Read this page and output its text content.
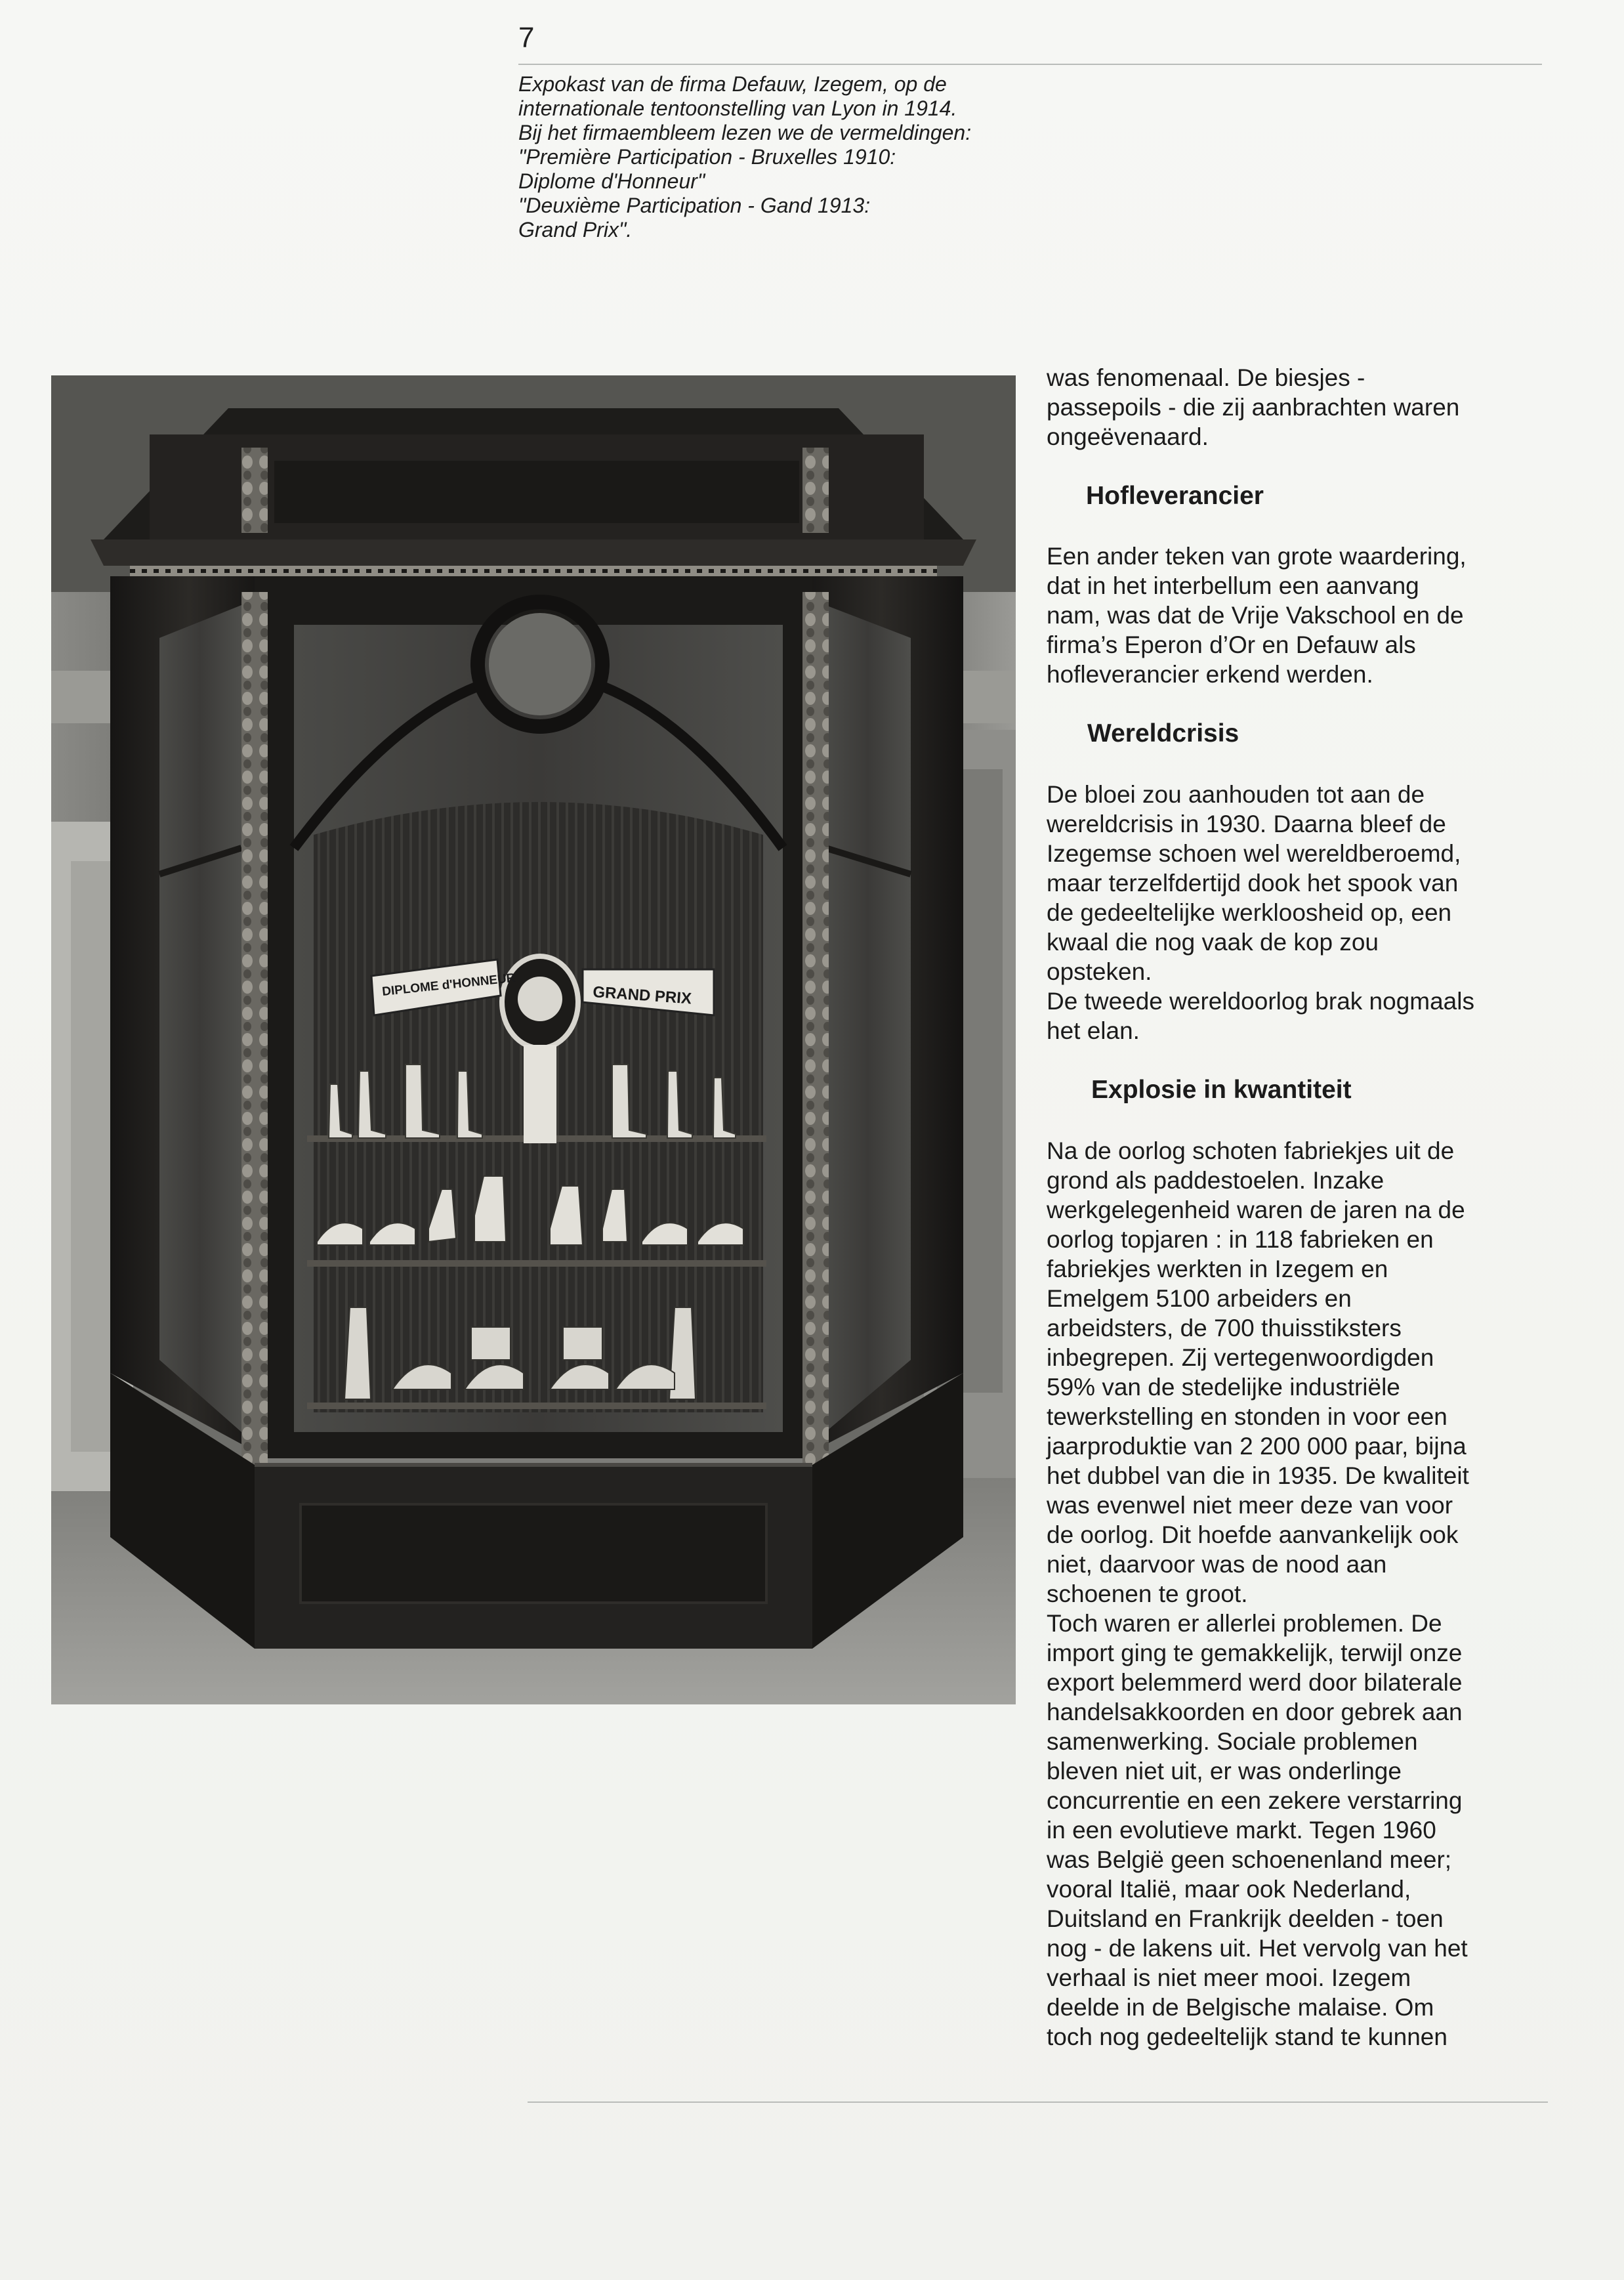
7
Expokast van de firma Defauw, Izegem, op de
internationale tentoonstelling van Lyon in 1914.
Bij het firmaembleem lezen we de vermeldingen:
"Première Participation - Bruxelles 1910:
Diplome d'Honneur"
"Deuxième Participation - Gand 1913:
Grand Prix".
DIPLOME d'HONNEUR	GRAND PRIX
was fenomenaal. De biesjes -
passepoils - die zij aanbrachten waren
ongeëvenaard.
Hofleverancier
Een ander teken van grote waardering,
dat in het interbellum een aanvang
nam, was dat de Vrije Vakschool en de
firma’s Eperon d’Or en Defauw als
hofleverancier erkend werden.
Wereldcrisis
De bloei zou aanhouden tot aan de
wereldcrisis in 1930. Daarna bleef de
Izegemse schoen wel wereldberoemd,
maar terzelfdertijd dook het spook van
de gedeeltelijke werkloosheid op, een
kwaal die nog vaak de kop zou
opsteken.
De tweede wereldoorlog brak nogmaals
het elan.
Explosie in kwantiteit
Na de oorlog schoten fabriekjes uit de
grond als paddestoelen. Inzake
werkgelegenheid waren de jaren na de
oorlog topjaren : in 118 fabrieken en
fabriekjes werkten in Izegem en
Emelgem 5100 arbeiders en
arbeidsters, de 700 thuisstiksters
inbegrepen. Zij vertegenwoordigden
59% van de stedelijke industriële
tewerkstelling en stonden in voor een
jaarproduktie van 2 200 000 paar, bijna
het dubbel van die in 1935. De kwaliteit
was evenwel niet meer deze van voor
de oorlog. Dit hoefde aanvankelijk ook
niet, daarvoor was de nood aan
schoenen te groot.
Toch waren er allerlei problemen. De
import ging te gemakkelijk, terwijl onze
export belemmerd werd door bilaterale
handelsakkoorden en door gebrek aan
samenwerking. Sociale problemen
bleven niet uit, er was onderlinge
concurrentie en een zekere verstarring
in een evolutieve markt. Tegen 1960
was België geen schoenenland meer;
vooral Italië, maar ook Nederland,
Duitsland en Frankrijk deelden - toen
nog - de lakens uit. Het vervolg van het
verhaal is niet meer mooi. Izegem
deelde in de Belgische malaise. Om
toch nog gedeeltelijk stand te kunnen
